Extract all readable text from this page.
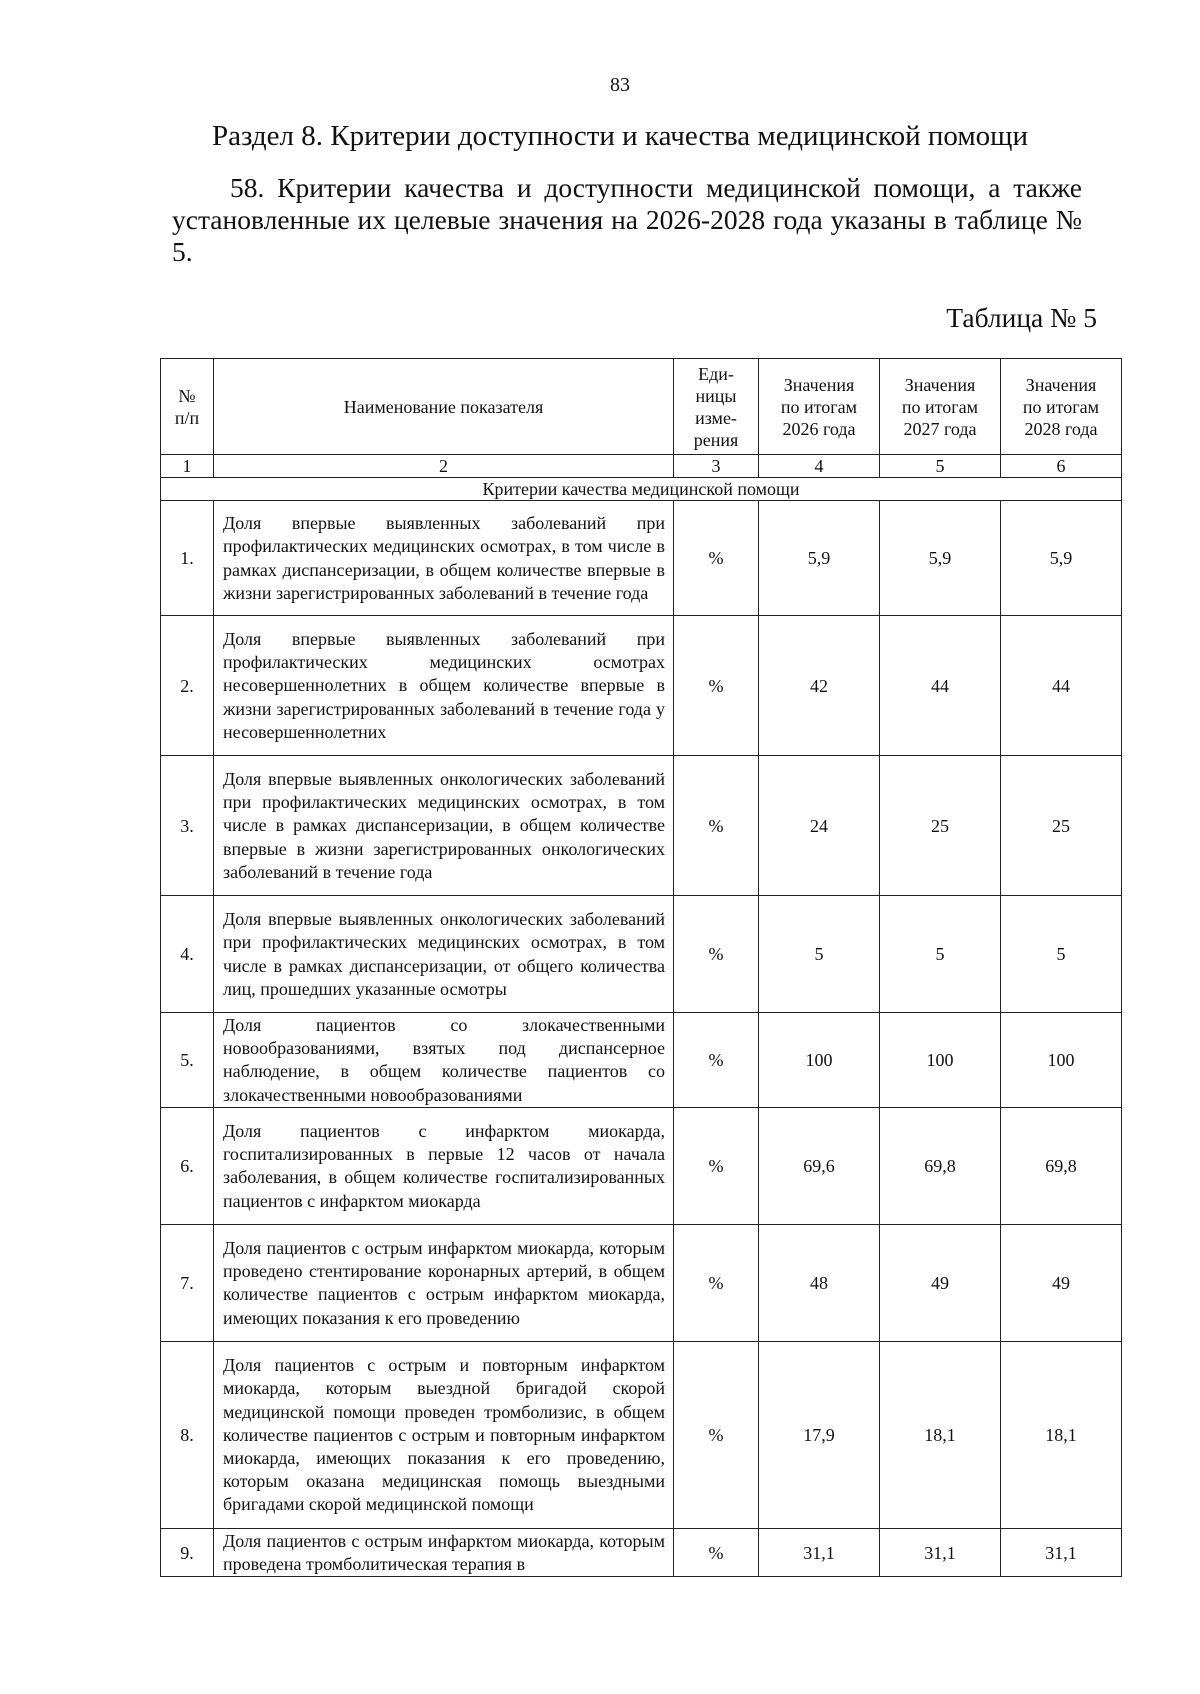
83
Раздел 8. Критерии доступности и качества медицинской помощи
58. Критерии качества и доступности медицинской помощи, а также установленные их целевые значения на 2026-2028 года указаны в таблице № 5.
Таблица № 5
№ п/п	Наименование показателя	Еди-ницы изме-рения	Значения по итогам 2026 года	Значения по итогам 2027 года	Значения по итогам 2028 года
1	2	3	4	5	6
Критерии качества медицинской помощи					
1.	Доля впервые выявленных заболеваний при профилактических медицинских осмотрах, в том числе в рамках диспансеризации, в общем количестве впервые в жизни зарегистрированных заболеваний в течение года	%	5,9	5,9	5,9
2.	Доля впервые выявленных заболеваний при профилактических медицинских осмотрах несовершеннолетних в общем количестве впервые в жизни зарегистрированных заболеваний в течение года у несовершеннолетних	%	42	44	44
3.	Доля впервые выявленных онкологических заболеваний при профилактических медицинских осмотрах, в том числе в рамках диспансеризации, в общем количестве впервые в жизни зарегистрированных онкологических заболеваний в течение года	%	24	25	25
4.	Доля впервые выявленных онкологических заболеваний при профилактических медицинских осмотрах, в том числе в рамках диспансеризации, от общего количества лиц, прошедших указанные осмотры	%	5	5	5
5.	Доля пациентов со злокачественными новообразованиями, взятых под диспансерное наблюдение, в общем количестве пациентов со злокачественными новообразованиями	%	100	100	100
6.	Доля пациентов с инфарктом миокарда, госпитализированных в первые 12 часов от начала заболевания, в общем количестве госпитализированных пациентов с инфарктом миокарда	%	69,6	69,8	69,8
7.	Доля пациентов с острым инфарктом миокарда, которым проведено стентирование коронарных артерий, в общем количестве пациентов с острым инфарктом миокарда, имеющих показания к его проведению	%	48	49	49
8.	Доля пациентов с острым и повторным инфарктом миокарда, которым выездной бригадой скорой медицинской помощи проведен тромболизис, в общем количестве пациентов с острым и повторным инфарктом миокарда, имеющих показания к его проведению, которым оказана медицинская помощь выездными бригадами скорой медицинской помощи	%	17,9	18,1	18,1
9.	Доля пациентов с острым инфарктом миокарда, которым проведена тромболитическая терапия в	%	31,1	31,1	31,1
